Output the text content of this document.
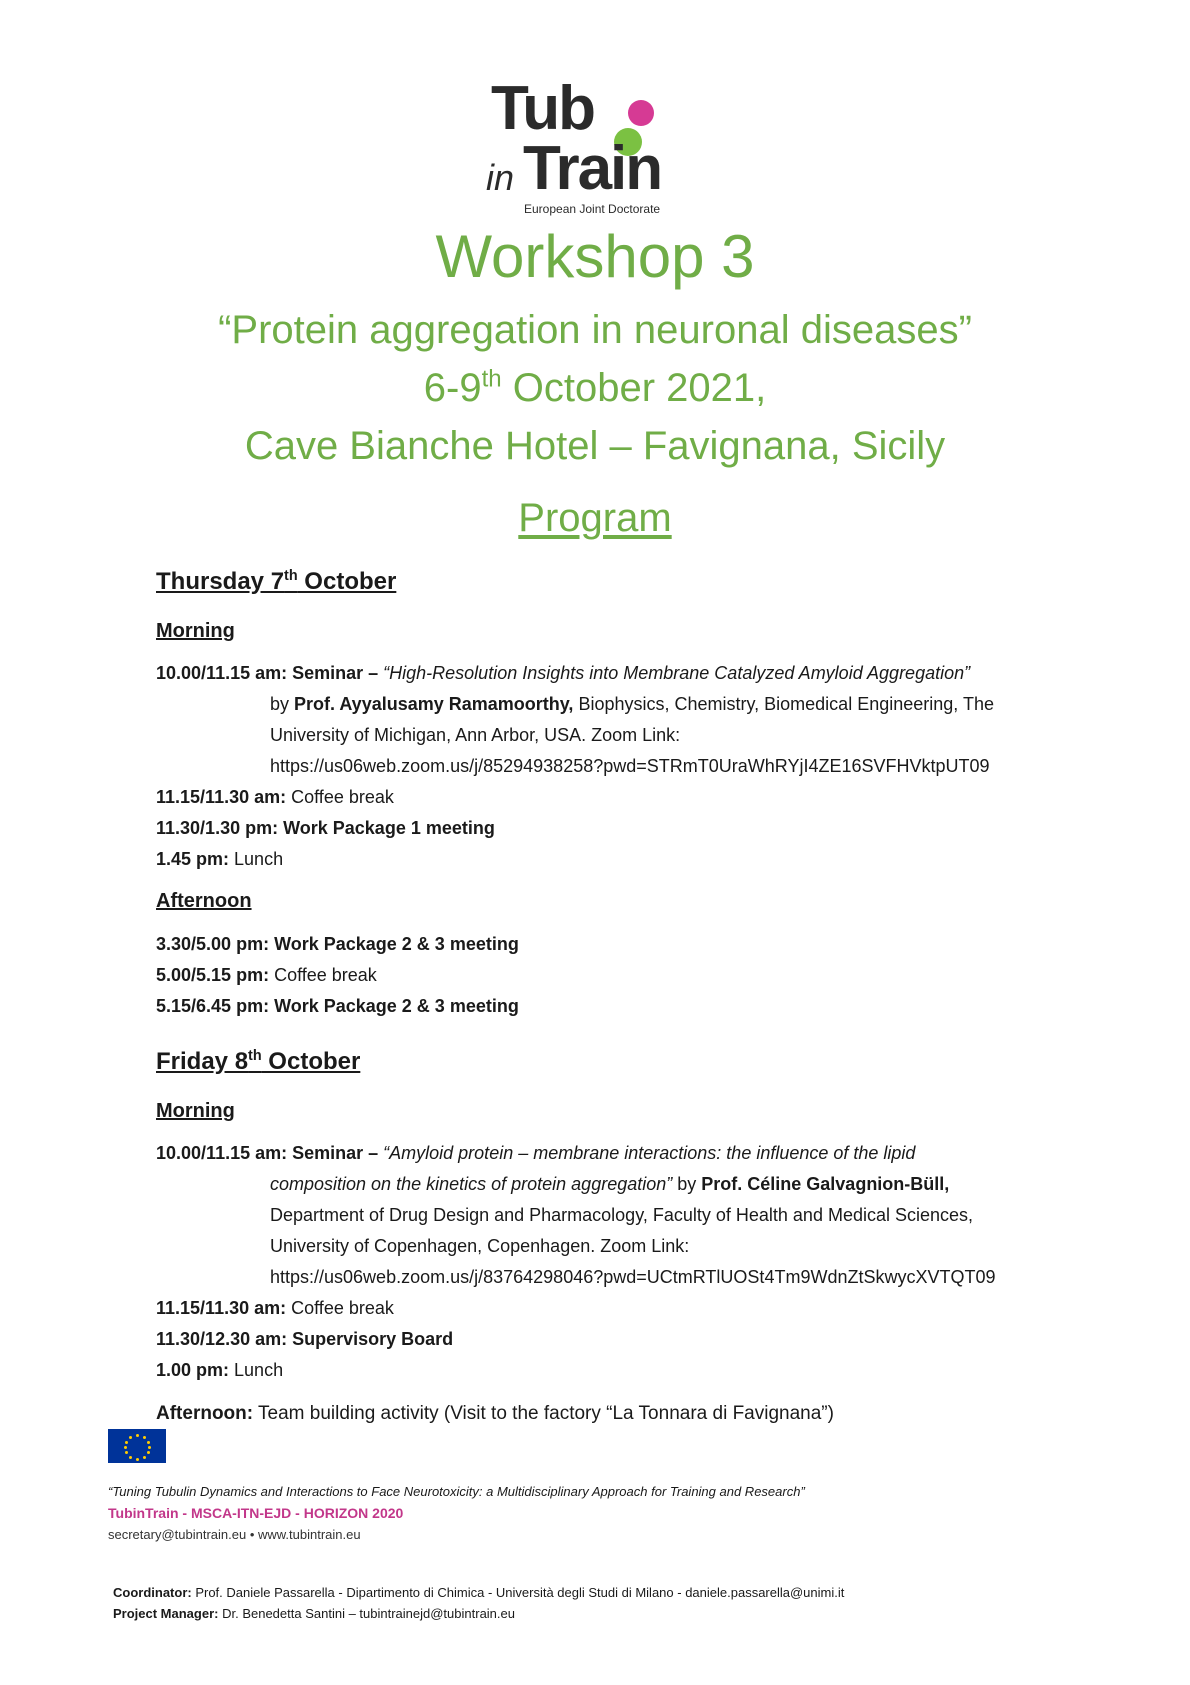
Tub
in Train
European Joint Doctorate
Workshop 3
“Protein aggregation in neuronal diseases”
6-9th October 2021,
Cave Bianche Hotel – Favignana, Sicily
Program
Thursday 7th October
Morning
10.00/11.15 am: Seminar – “High-Resolution Insights into Membrane Catalyzed Amyloid Aggregation”
by Prof. Ayyalusamy Ramamoorthy, Biophysics, Chemistry, Biomedical Engineering, The
University of Michigan, Ann Arbor, USA. Zoom Link:
https://us06web.zoom.us/j/85294938258?pwd=STRmT0UraWhRYjI4ZE16SVFHVktpUT09
11.15/11.30 am: Coffee break
11.30/1.30 pm: Work Package 1 meeting
1.45 pm: Lunch
Afternoon
3.30/5.00 pm: Work Package 2 & 3 meeting
5.00/5.15 pm: Coffee break
5.15/6.45 pm: Work Package 2 & 3 meeting
Friday 8th October
Morning
10.00/11.15 am: Seminar – “Amyloid protein – membrane interactions: the influence of the lipid
composition on the kinetics of protein aggregation” by Prof. Céline Galvagnion-Büll,
Department of Drug Design and Pharmacology, Faculty of Health and Medical Sciences,
University of Copenhagen, Copenhagen. Zoom Link:
https://us06web.zoom.us/j/83764298046?pwd=UCtmRTlUOSt4Tm9WdnZtSkwycXVTQT09
11.15/11.30 am: Coffee break
11.30/12.30 am: Supervisory Board
1.00 pm: Lunch
Afternoon: Team building activity (Visit to the factory “La Tonnara di Favignana”)
“Tuning Tubulin Dynamics and Interactions to Face Neurotoxicity: a Multidisciplinary Approach for Training and Research”
TubinTrain - MSCA-ITN-EJD - HORIZON 2020
secretary@tubintrain.eu • www.tubintrain.eu
Coordinator: Prof. Daniele Passarella - Dipartimento di Chimica - Università degli Studi di Milano - daniele.passarella@unimi.it
Project Manager: Dr. Benedetta Santini – tubintrainejd@tubintrain.eu
